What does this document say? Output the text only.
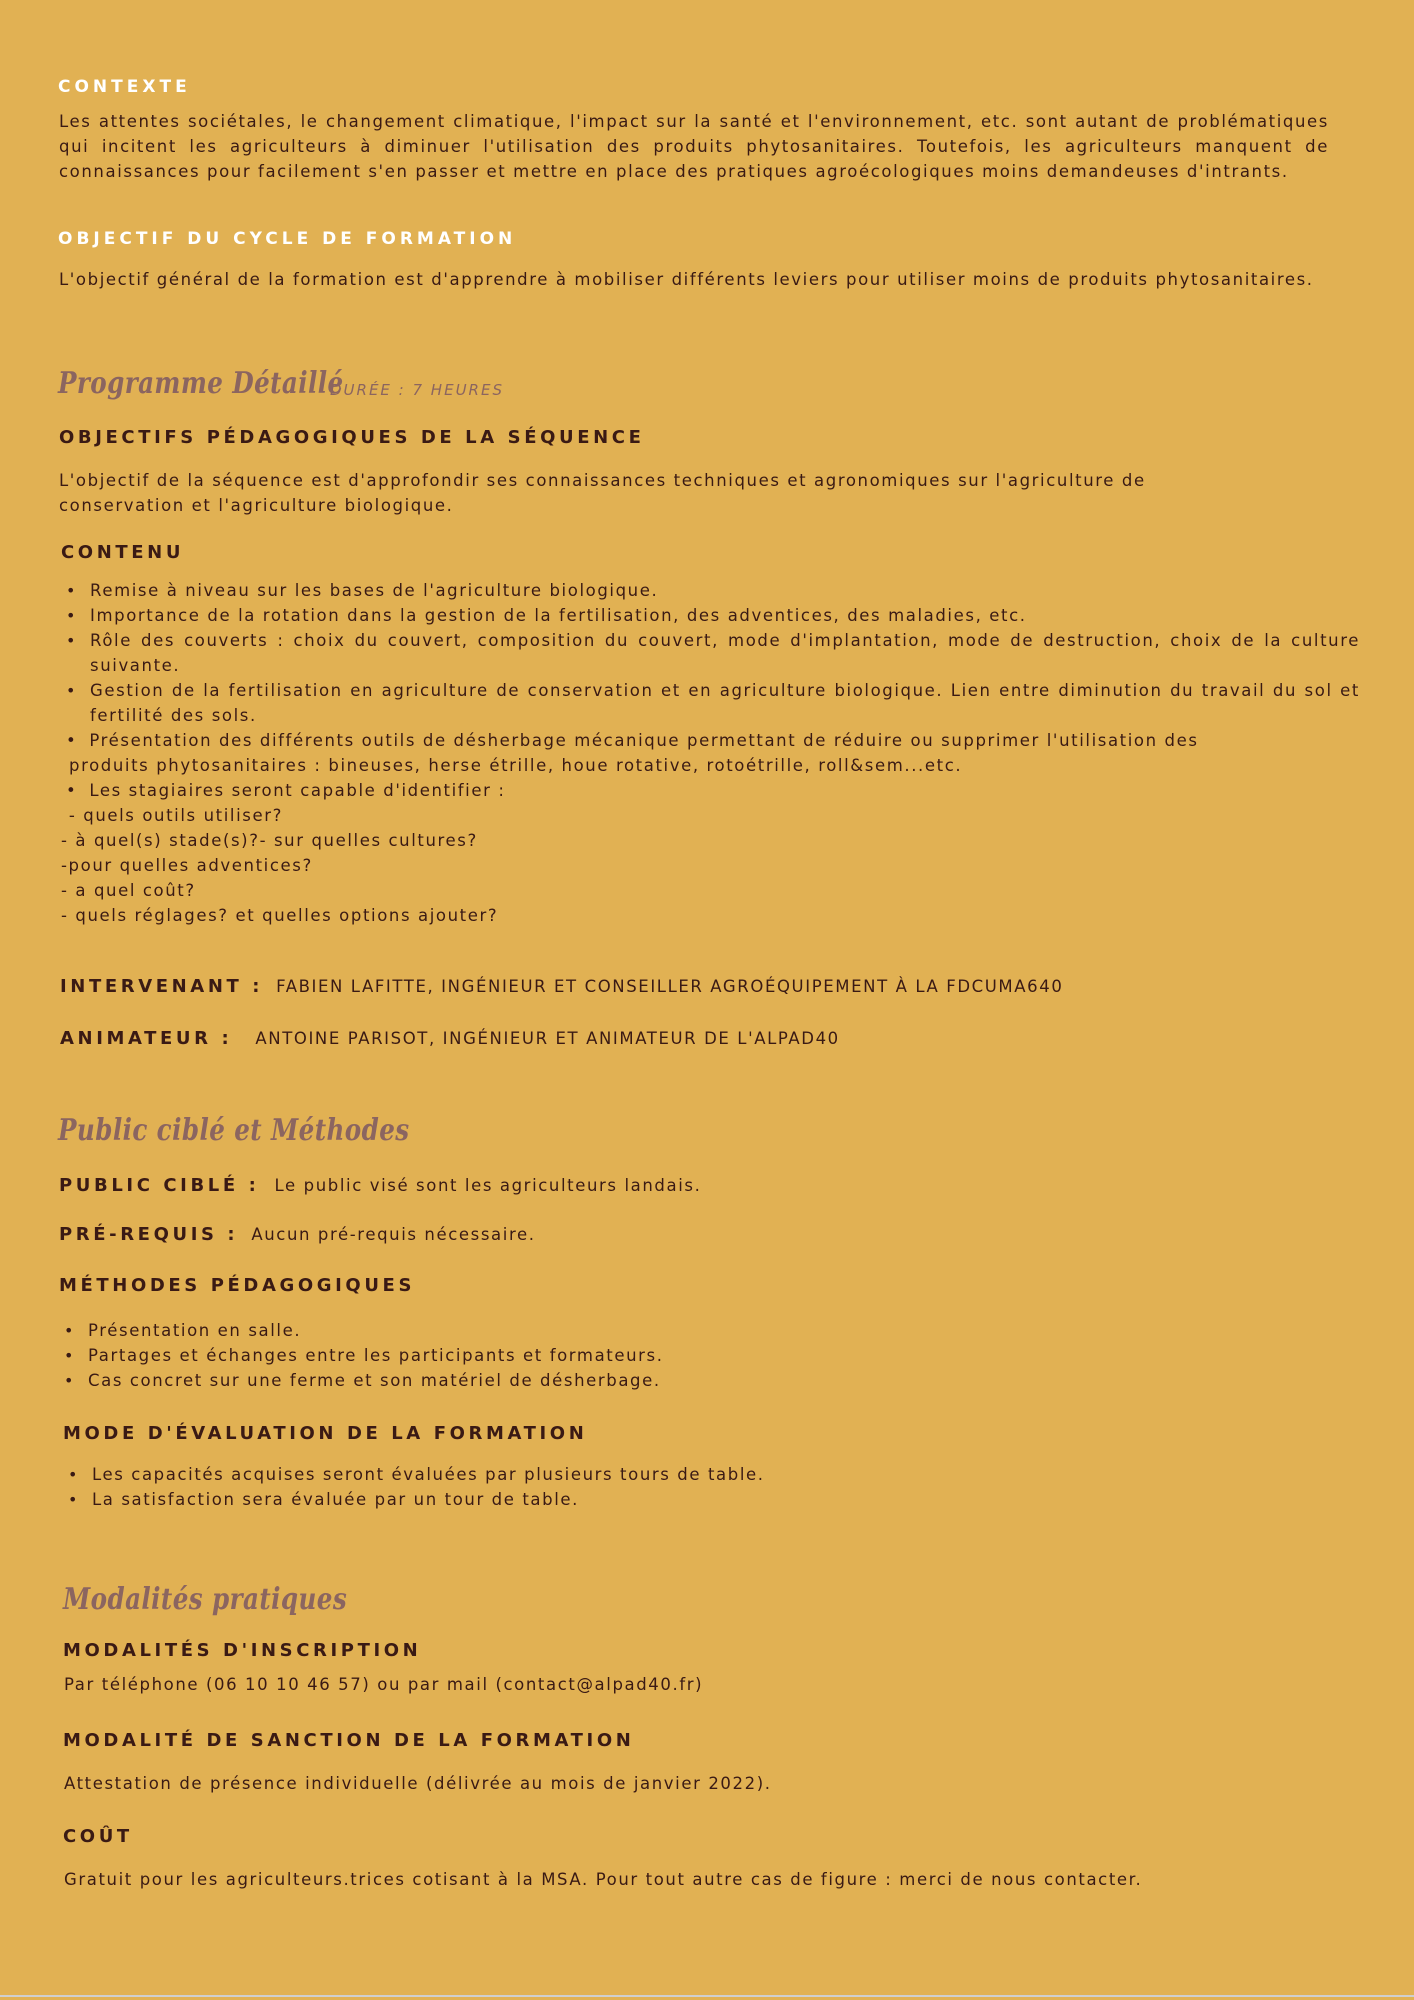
CONTEXTE

Les attentes sociétales, le changement climatique, l'impact sur la santé et l'environnement, etc. sont autant de problématiques qui incitent les agriculteurs à diminuer l'utilisation des produits phytosanitaires. Toutefois, les agriculteurs manquent de connaissances pour facilement s'en passer et mettre en place des pratiques agroécologiques moins demandeuses d'intrants.

OBJECTIF DU CYCLE DE FORMATION

L'objectif général de la formation est d'apprendre à mobiliser différents leviers pour utiliser moins de produits phytosanitaires.

Programme Détaillé
DURÉE : 7 HEURES
OBJECTIFS PÉDAGOGIQUES DE LA SÉQUENCE

L'objectif de la séquence est d'approfondir ses connaissances techniques et agronomiques sur l'agriculture de

conservation et l'agriculture biologique.

CONTENU
• Remise à niveau sur les bases de l'agriculture biologique.
• Importance de la rotation dans la gestion de la fertilisation, des adventices, des maladies, etc.
• Rôle des couverts : choix du couvert, composition du couvert, mode d'implantation, mode de destruction, choix de la culture suivante.
• Gestion de la fertilisation en agriculture de conservation et en agriculture biologique. Lien entre diminution du travail du sol et fertilité des sols.

• Présentation des différents outils de désherbage mécanique permettant de réduire ou supprimer l'utilisation des

produits phytosanitaires : bineuses, herse étrille, houe rotative, rotoétrille, roll&sem...etc.

• Les stagiaires seront capable d'identifier :

- quels outils utiliser?

- à quel(s) stade(s)?- sur quelles cultures?

-pour quelles adventices?

- a quel coût?

- quels réglages? et quelles options ajouter?

INTERVENANT : FABIEN LAFITTE, INGÉNIEUR ET CONSEILLER AGROÉQUIPEMENT À LA FDCUMA640
ANIMATEUR : ANTOINE PARISOT, INGÉNIEUR ET ANIMATEUR DE L'ALPAD40
Public ciblé et Méthodes
PUBLIC CIBLÉ : Le public visé sont les agriculteurs landais.
PRÉ-REQUIS : Aucun pré-requis nécessaire.
MÉTHODES PÉDAGOGIQUES
• Présentation en salle.
• Partages et échanges entre les participants et formateurs.
• Cas concret sur une ferme et son matériel de désherbage.
MODE D'ÉVALUATION DE LA FORMATION
• Les capacités acquises seront évaluées par plusieurs tours de table.
• La satisfaction sera évaluée par un tour de table.
Modalités pratiques
MODALITÉS D'INSCRIPTION

Par téléphone (06 10 10 46 57) ou par mail (contact@alpad40.fr)

MODALITÉ DE SANCTION DE LA FORMATION

Attestation de présence individuelle (délivrée au mois de janvier 2022).

COÛT

Gratuit pour les agriculteurs.trices cotisant à la MSA. Pour tout autre cas de figure : merci de nous contacter.
